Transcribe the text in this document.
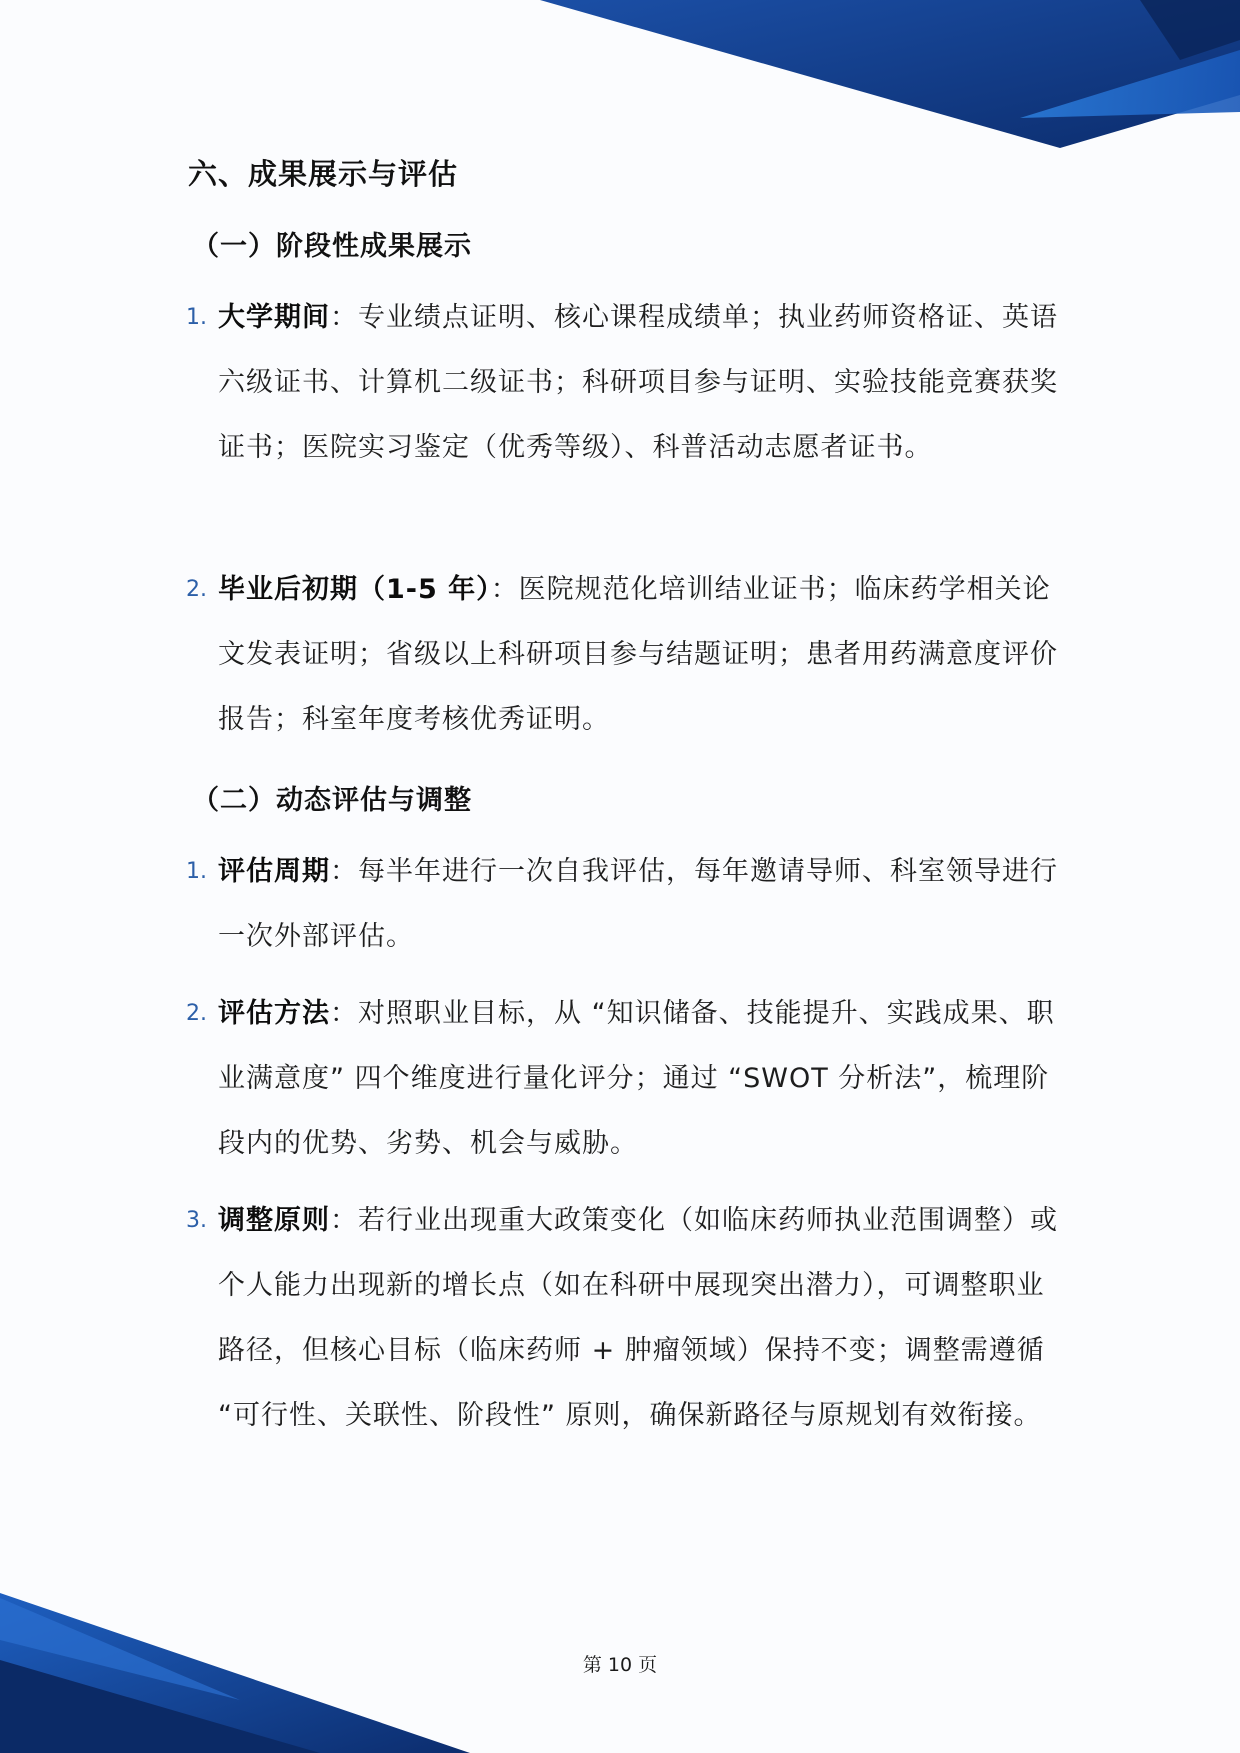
六、成果展示与评估
（一）阶段性成果展示
1. 大学期间：专业绩点证明、核心课程成绩单；执业药师资格证、英语六级证书、计算机二级证书；科研项目参与证明、实验技能竞赛获奖证书；医院实习鉴定（优秀等级）、科普活动志愿者证书。
2. 毕业后初期（1-5 年）：医院规范化培训结业证书；临床药学相关论文发表证明；省级以上科研项目参与结题证明；患者用药满意度评价报告；科室年度考核优秀证明。
（二）动态评估与调整
1. 评估周期：每半年进行一次自我评估，每年邀请导师、科室领导进行一次外部评估。
2. 评估方法：对照职业目标，从 “知识储备、技能提升、实践成果、职业满意度” 四个维度进行量化评分；通过 “SWOT 分析法”，梳理阶段内的优势、劣势、机会与威胁。
3. 调整原则：若行业出现重大政策变化（如临床药师执业范围调整）或个人能力出现新的增长点（如在科研中展现突出潜力），可调整职业路径，但核心目标（临床药师 + 肿瘤领域）保持不变；调整需遵循 “可行性、关联性、阶段性” 原则，确保新路径与原规划有效衔接。
第 10 页
